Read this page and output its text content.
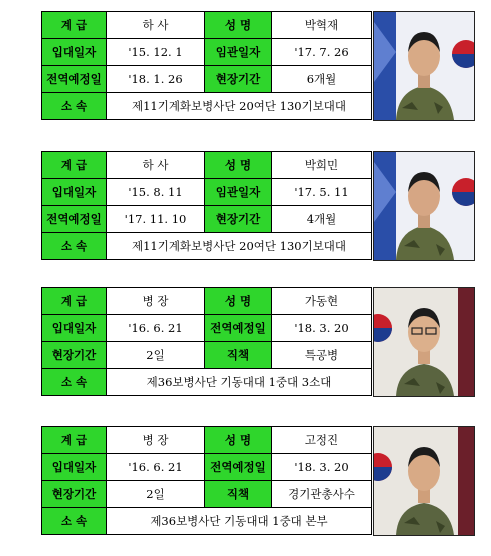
계 급	하 사	성 명	박혁재
입대일자	'15. 12. 1	임관일자	'17. 7. 26
전역예정일	'18. 1. 26	현장기간	6개월
소 속	제11기계화보병사단 20여단 130기보대대		
계 급	하 사	성 명	박희민
입대일자	'15. 8. 11	임관일자	'17. 5. 11
전역예정일	'17. 11. 10	현장기간	4개월
소 속	제11기계화보병사단 20여단 130기보대대		
계 급	병 장	성 명	가동현
입대일자	'16. 6. 21	전역예정일	'18. 3. 20
현장기간	2일	직책	특공병
소 속	제36보병사단 기동대대 1중대 3소대		
계 급	병 장	성 명	고정진
입대일자	'16. 6. 21	전역예정일	'18. 3. 20
현장기간	2일	직책	경기관총사수
소 속	제36보병사단 기동대대 1중대 본부		
